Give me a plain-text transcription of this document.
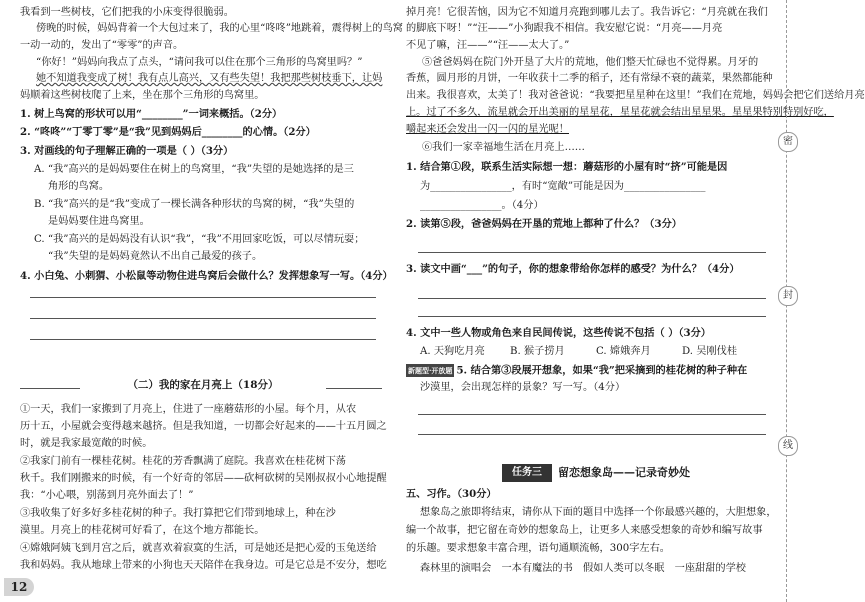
我看到一些树枝，它们把我的小床变得很脆弱。
傍晚的时候，妈妈背着一个大包过来了，我的心里“咚咚”地跳着，震得树上的鸟窝
一动一动的，发出了“零零”的声音。
“你好！”妈妈向我点了点头，“请问我可以住在那个三角形的鸟窝里吗？”
她不知道我变成了树！我有点儿高兴，又有些失望！我把那些树枝垂下，让妈
妈顺着这些树枝爬了上来，坐在那个三角形的鸟窝里。
1. 树上鸟窝的形状可以用“________”一词来概括。（2分）
2. “咚咚”“丁零丁零”是“我”见到妈妈后________的心情。（2分）
3. 对画线的句子理解正确的一项是（ ）（3分）
A. “我”高兴的是妈妈要住在树上的鸟窝里，“我”失望的是她选择的是三
角形的鸟窝。
B. “我”高兴的是“我”变成了一棵长满各种形状的鸟窝的树，“我”失望的
是妈妈要住进鸟窝里。
C. “我”高兴的是妈妈没有认识“我”，“我”不用回家吃饭，可以尽情玩耍；
“我”失望的是妈妈竟然认不出自己最爱的孩子。
4. 小白兔、小刺猬、小松鼠等动物住进鸟窝后会做什么？发挥想象写一写。（4分）
（二）我的家在月亮上（18分）
①一天，我们一家搬到了月亮上，住进了一座蘑菇形的小屋。每个月，从农
历十五，小屋就会变得越来越挤。但是我知道，一切都会好起来的——十五月圆之
时，就是我家最宽敞的时候。
②我家门前有一棵桂花树。桂花的芳香飘满了庭院。我喜欢在桂花树下荡
秋千。我们刚搬来的时候，有一个好奇的邻居——砍柯砍树的吴刚叔叔小心地提醒
我：“小心喂，别荡到月亮外面去了！”
③我收集了好多好多桂花树的种子。我打算把它们带到地球上，种在沙
漠里。月亮上的桂花树可好看了，在这个地方都能长。
④嫦娥阿姨飞到月宫之后，就喜欢着寂寞的生活，可是她还是把心爱的玉兔送给
我和妈妈。我从地球上带来的小狗也天天陪伴在我身边。可是它总是不安分，想吃
12
掉月亮！它很苦恼，因为它不知道月亮跑到哪儿去了。我告诉它：“月亮就在我们
的脚底下呀！”“汪——”小狗跟我不相信。我安慰它说：“月亮——月亮
不见了嘛，汪——”“汪——太大了。”
⑤爸爸妈妈在院门外开垦了大片的荒地，他们整天忙碌也不觉得累。月牙的
香蕉，圆月形的月饼，一年收获十二季的稻子，还有常绿不衰的蔬菜，果然都能种
出来。我很喜欢，太美了！我对爸爸说：“我要把星星种在这里！”我们在荒地，妈妈会把它们送给月亮
上。过了不多久，流星就会开出美丽的星星花，星星花就会结出星星果。星星果特别特别好吃，
嚼起来还会发出一闪一闪的星光呢！
⑥我们一家幸福地生活在月亮上……
1. 结合第①段，联系生活实际想一想：蘑菇形的小屋有时“挤”可能是因
为________________，有时“宽敞”可能是因为________________
________________。（4分）
2. 读第⑤段，爸爸妈妈在开垦的荒地上都种了什么？（3分）
3. 读文中画“___”的句子，你的想象带给你怎样的感受？为什么？（4分）
4. 文中一些人物或角色来自民间传说，这些传说不包括（ ）（3分）
A. 天狗吃月亮 B. 猴子捞月	C. 嫦娥奔月	D. 吴刚伐桂
新题型·开放题 5. 结合第③段展开想象，如果“我”把采摘到的桂花树的种子种在
沙漠里，会出现怎样的景象？写一写。（4分）
任务三	留恋想象岛——记录奇妙处
五、习作。（30分）
想象岛之旅即将结束，请你从下面的题目中选择一个你最感兴趣的，大胆想象，
编一个故事，把它留在奇妙的想象岛上，让更多人来感受想象的奇妙和编写故事
的乐趣。要求想象丰富合理，语句通顺流畅，300字左右。
森林里的演唱会　一本有魔法的书　假如人类可以冬眠　一座甜甜的学校
密
封
线
